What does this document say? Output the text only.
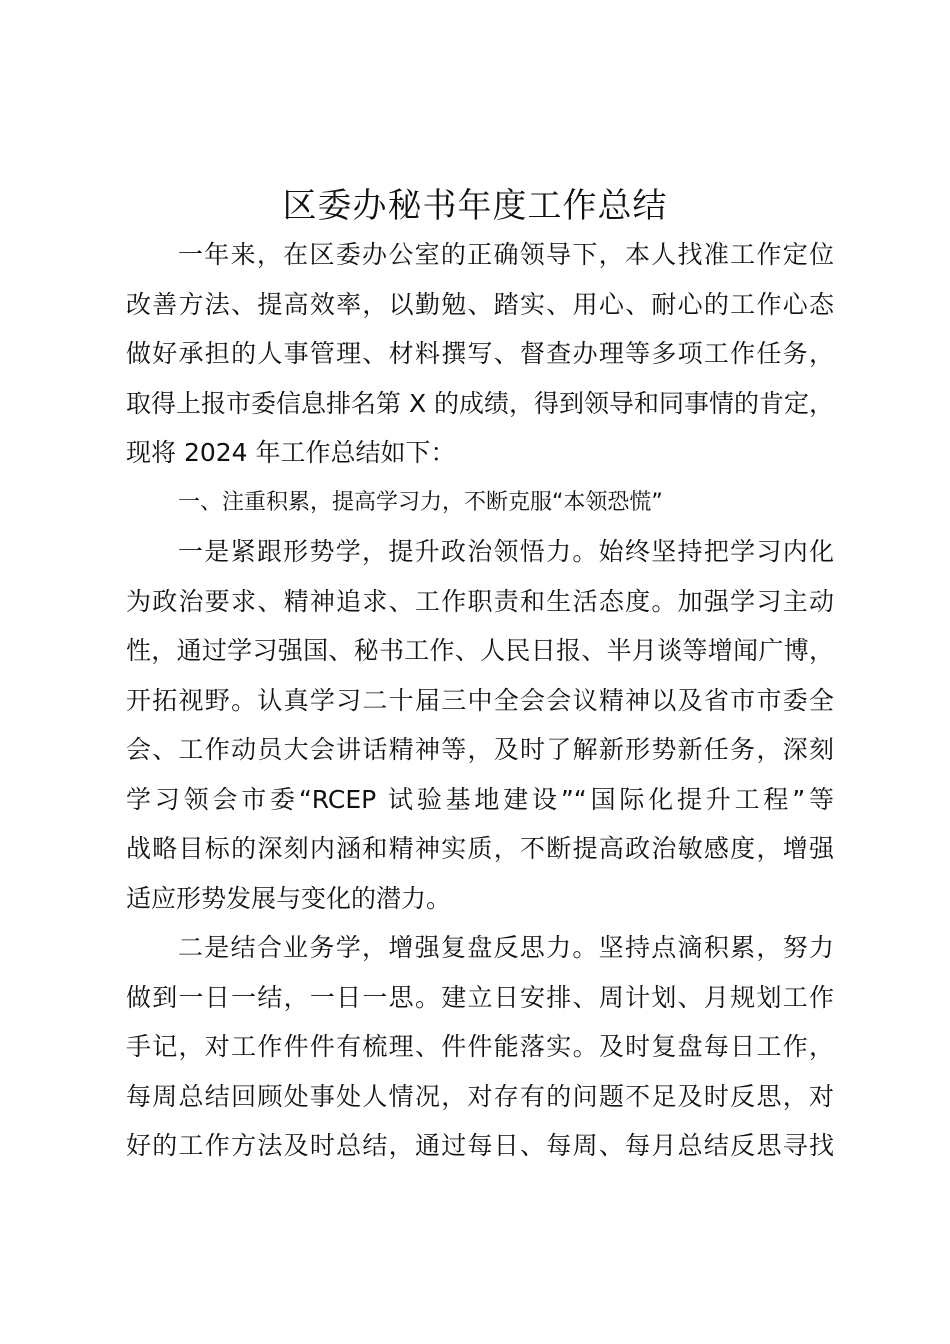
区委办秘书年度工作总结
一年来，在区委办公室的正确领导下，本人找准工作定位
改善方法、提高效率，以勤勉、踏实、用心、耐心的工作心态
做好承担的人事管理、材料撰写、督查办理等多项工作任务，
取得上报市委信息排名第 X 的成绩，得到领导和同事情的肯定，
现将 2024 年工作总结如下：
一、注重积累，提高学习力，不断克服“本领恐慌”
一是紧跟形势学，提升政治领悟力。始终坚持把学习内化
为政治要求、精神追求、工作职责和生活态度。加强学习主动
性，通过学习强国、秘书工作、人民日报、半月谈等增闻广博，
开拓视野。认真学习二十届三中全会会议精神以及省市市委全
会、工作动员大会讲话精神等，及时了解新形势新任务，深刻
学习领会市委“RCEP 试验基地建设”“国际化提升工程”等
战略目标的深刻内涵和精神实质，不断提高政治敏感度，增强
适应形势发展与变化的潜力。
二是结合业务学，增强复盘反思力。坚持点滴积累，努力
做到一日一结，一日一思。建立日安排、周计划、月规划工作
手记，对工作件件有梳理、件件能落实。及时复盘每日工作，
每周总结回顾处事处人情况，对存有的问题不足及时反思，对
好的工作方法及时总结，通过每日、每周、每月总结反思寻找
